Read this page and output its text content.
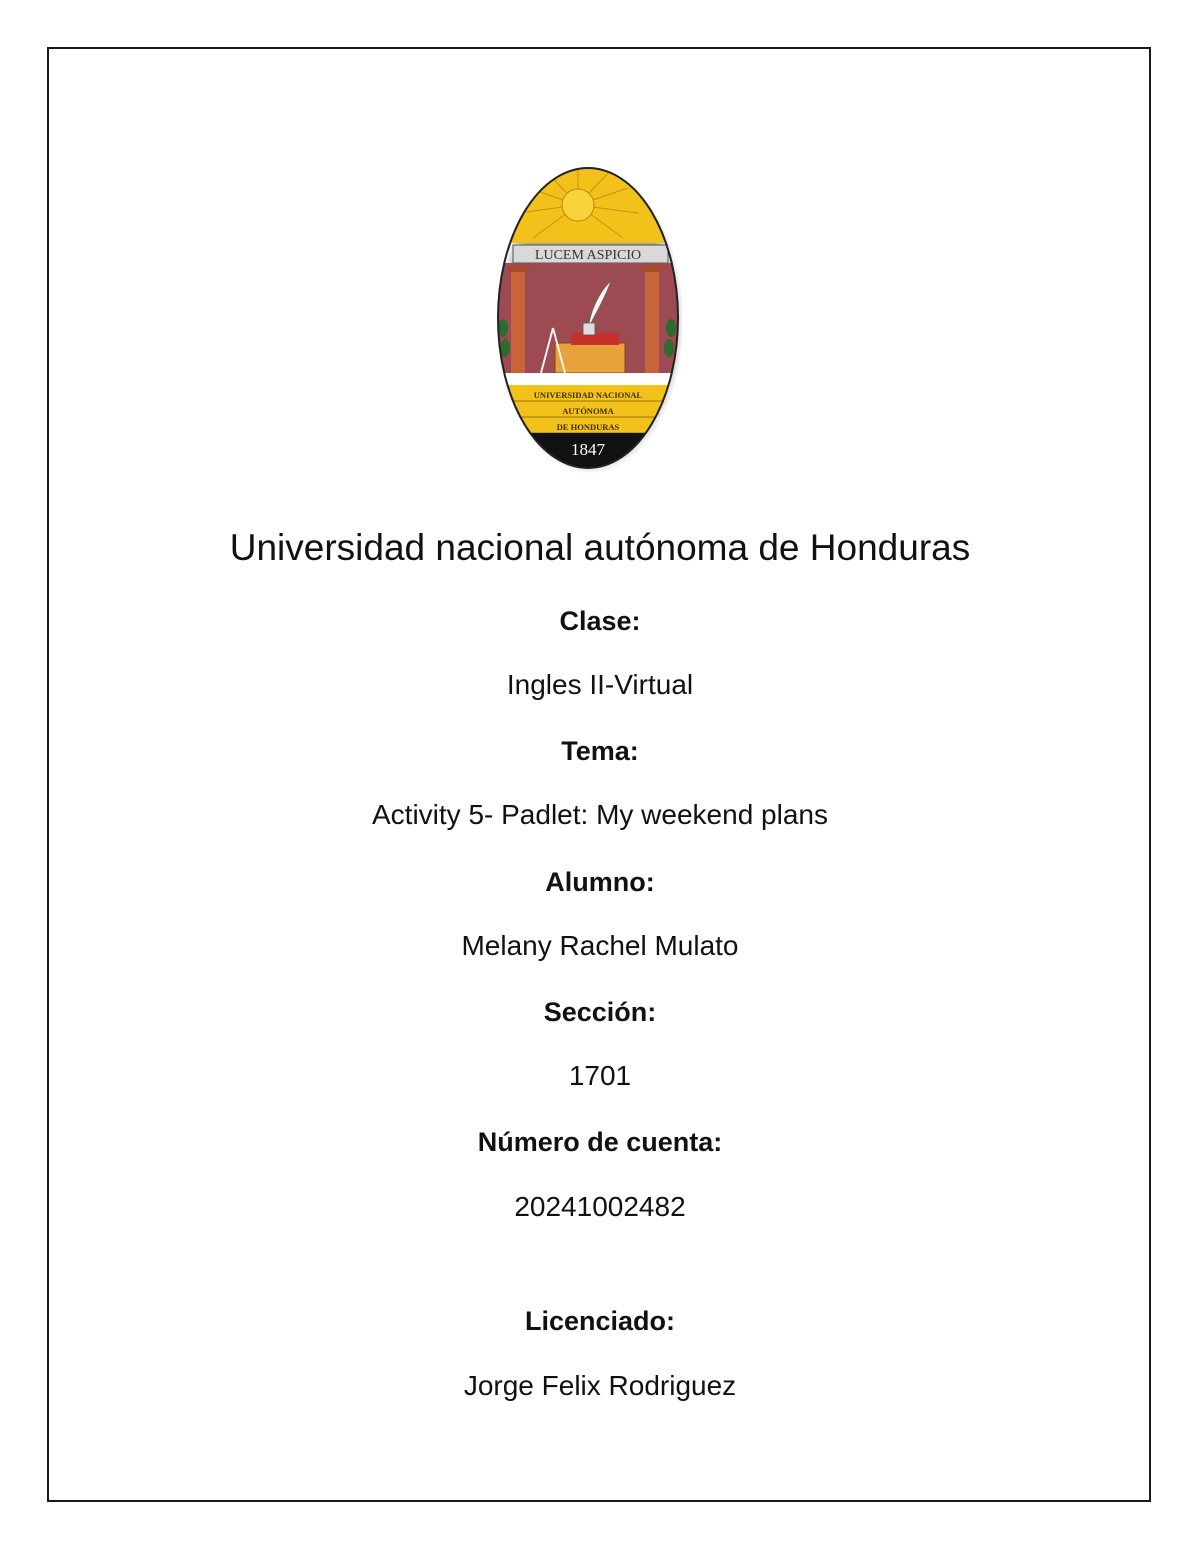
LUCEM ASPICIO
UNIVERSIDAD NACIONAL
AUTÓNOMA
DE HONDURAS
1847
Universidad nacional autónoma de Honduras

Clase:

Ingles II-Virtual

Tema:

Activity 5- Padlet: My weekend plans

Alumno:

Melany Rachel Mulato

Sección:

1701

Número de cuenta:

20241002482

Licenciado:

Jorge Felix Rodriguez
